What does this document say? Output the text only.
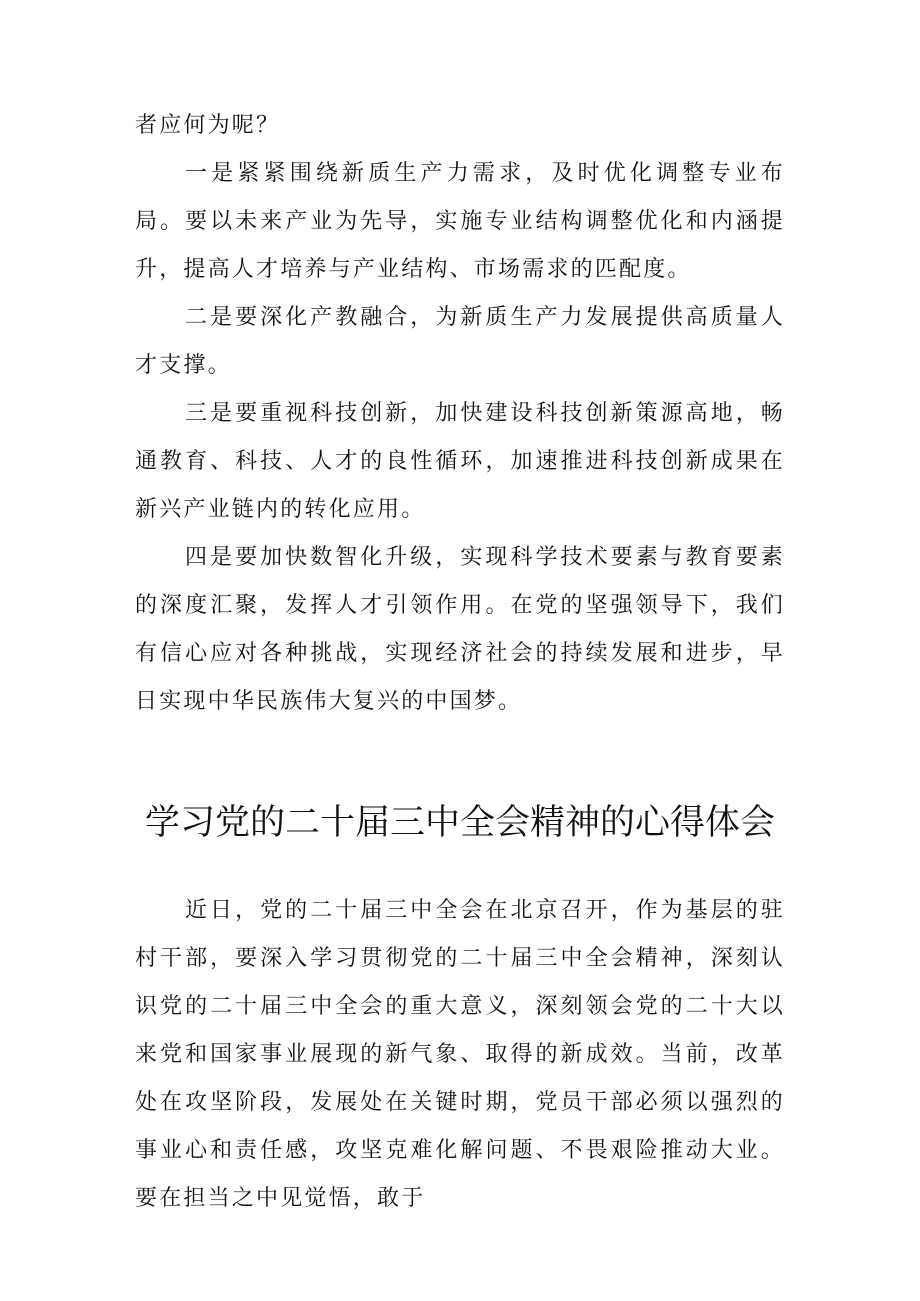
者应何为呢？

一是紧紧围绕新质生产力需求，及时优化调整专业布局。要以未来产业为先导，实施专业结构调整优化和内涵提升，提高人才培养与产业结构、市场需求的匹配度。

二是要深化产教融合，为新质生产力发展提供高质量人才支撑。

三是要重视科技创新，加快建设科技创新策源高地，畅通教育、科技、人才的良性循环，加速推进科技创新成果在新兴产业链内的转化应用。

四是要加快数智化升级，实现科学技术要素与教育要素的深度汇聚，发挥人才引领作用。在党的坚强领导下，我们有信心应对各种挑战，实现经济社会的持续发展和进步，早日实现中华民族伟大复兴的中国梦。

学习党的二十届三中全会精神的心得体会

近日，党的二十届三中全会在北京召开，作为基层的驻村干部，要深入学习贯彻党的二十届三中全会精神，深刻认识党的二十届三中全会的重大意义，深刻领会党的二十大以来党和国家事业展现的新气象、取得的新成效。当前，改革处在攻坚阶段，发展处在关键时期，党员干部必须以强烈的事业心和责任感，攻坚克难化解问题、不畏艰险推动大业。要在担当之中见觉悟，敢于
